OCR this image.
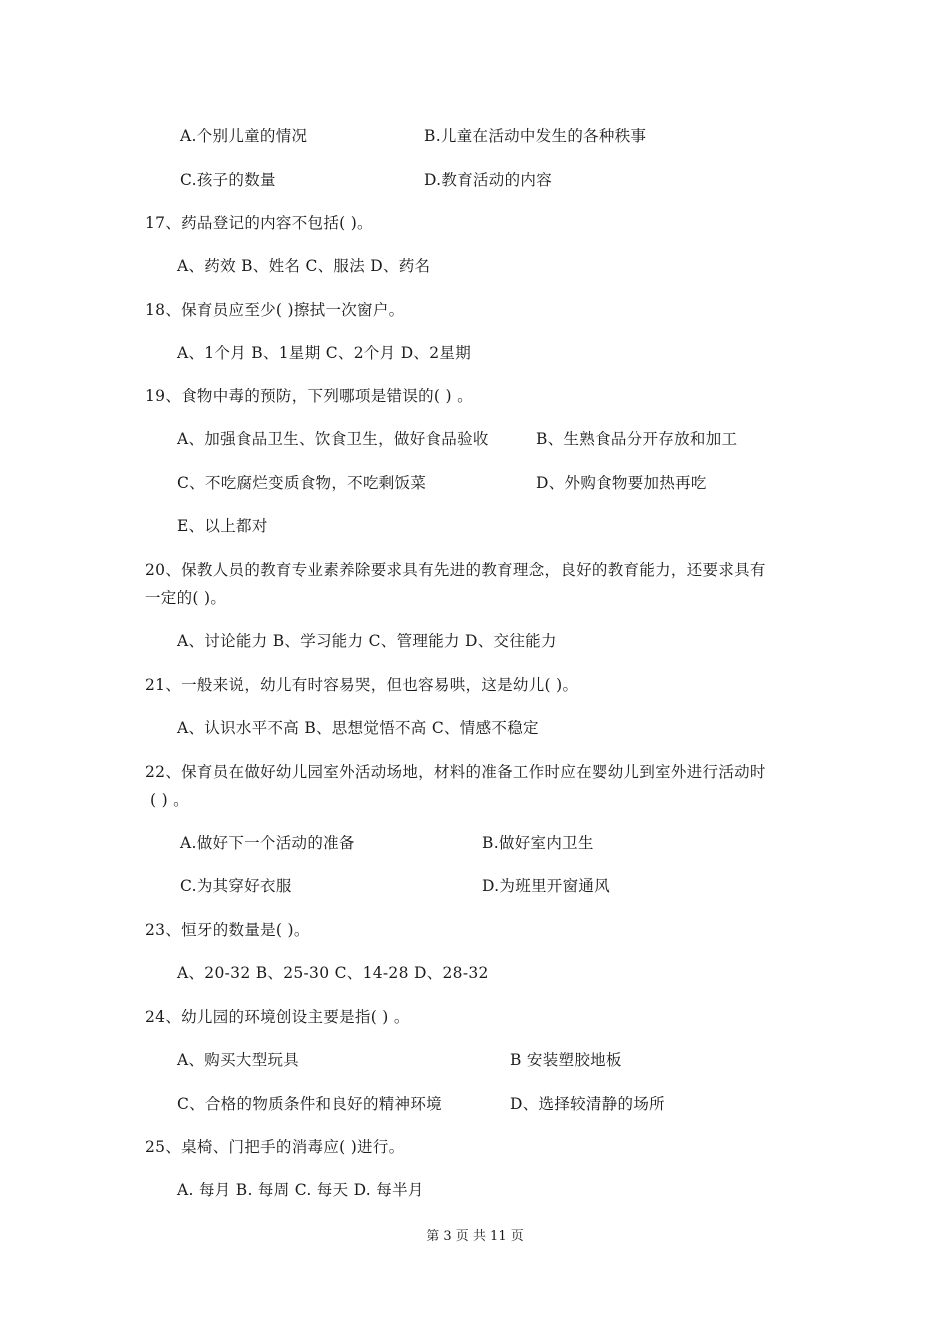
A.个别儿童的情况	B.儿童在活动中发生的各种秩事
C.孩子的数量	D.教育活动的内容
17、药品登记的内容不包括( )。
A、药效 B、姓名 C、服法 D、药名
18、保育员应至少( )擦拭一次窗户。
A、1个月 B、1星期 C、2个月 D、2星期
19、食物中毒的预防，下列哪项是错误的( ) 。
A、加强食品卫生、饮食卫生，做好食品验收	B、生熟食品分开存放和加工
C、不吃腐烂变质食物，不吃剩饭菜	D、外购食物要加热再吃
E、以上都对
20、保教人员的教育专业素养除要求具有先进的教育理念，良好的教育能力，还要求具有
一定的( )。
A、讨论能力 B、学习能力 C、管理能力 D、交往能力
21、一般来说，幼儿有时容易哭，但也容易哄，这是幼儿( )。
A、认识水平不高 B、思想觉悟不高 C、情感不稳定
22、保育员在做好幼儿园室外活动场地，材料的准备工作时应在婴幼儿到室外进行活动时
( ) 。
A.做好下一个活动的准备	B.做好室内卫生
C.为其穿好衣服	D.为班里开窗通风
23、恒牙的数量是( )。
A、20-32 B、25-30 C、14-28 D、28-32
24、幼儿园的环境创设主要是指( ) 。
A、购买大型玩具	B 安装塑胶地板
C、合格的物质条件和良好的精神环境	D、选择较清静的场所
25、桌椅、门把手的消毒应( )进行。
A. 每月 B. 每周 C. 每天 D. 每半月
第 3 页 共 11 页
